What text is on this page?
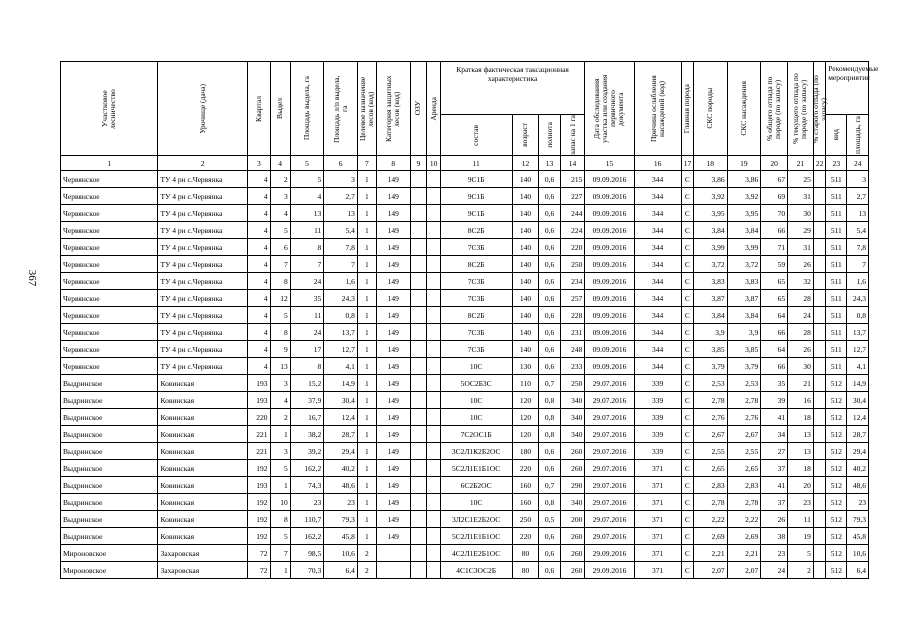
367
Участковое лесничество	Урочище (дача)	Квартал	Выдел	Площадь выдела, га	Площадь л/п выдела, га	Целевое назначение лесов (код)	Категория защитных лесов (код)	ОЗУ	Аренда	Краткая фактическая таксационная характеристика				Дата обследования участка или создания первичного документа	Причина ослабления насаждений (код)	Главная порода	СКС породы	СКС насаждения	% общего отпада по породе (по запасу)	% текущего отпада по породе (по запасу)	% старого отпада (по запасу)	Рекомендуемые мероприятия	

										состав	возраст	полнота	запас на 1 га									вид	площадь, га

1	2	3	4	5	6	7	8	9	10	11	12	13	14	15	16	17	18	19	20	21	22	23	24
Червянское	ТУ 4 рн с.Червянка	4	2	5	3	1	149			9С1Б	140	0,6	215	09.09.2016	344	С	3,86	3,86	67	25		511	3
Червянское	ТУ 4 рн с.Червянка	4	3	4	2,7	1	149			9С1Б	140	0,6	227	09.09.2016	344	С	3,92	3,92	69	31		511	2,7
Червянское	ТУ 4 рн с.Червянка	4	4	13	13	1	149			9С1Б	140	0,6	244	09.09.2016	344	С	3,95	3,95	70	30		511	13
Червянское	ТУ 4 рн с.Червянка	4	5	11	5,4	1	149			8С2Б	140	0,6	224	09.09.2016	344	С	3,84	3,84	66	29		511	5,4
Червянское	ТУ 4 рн с.Червянка	4	6	8	7,8	1	149			7С3Б	140	0,6	220	09.09.2016	344	С	3,99	3,99	71	31		511	7,8
Червянское	ТУ 4 рн с.Червянка	4	7	7	7	1	149			8С2Б	140	0,6	250	09.09.2016	344	С	3,72	3,72	59	26		511	7
Червянское	ТУ 4 рн с.Червянка	4	8	24	1,6	1	149			7С3Б	140	0,6	234	09.09.2016	344	С	3,83	3,83	65	32		511	1,6
Червянское	ТУ 4 рн с.Червянка	4	12	35	24,3	1	149			7С3Б	140	0,6	257	09.09.2016	344	С	3,87	3,87	65	28		511	24,3
Червянское	ТУ 4 рн с.Червянка	4	5	11	0,8	1	149			8С2Б	140	0,6	228	09.09.2016	344	С	3,84	3,84	64	24		511	0,8
Червянское	ТУ 4 рн с.Червянка	4	8	24	13,7	1	149			7С3Б	140	0,6	231	09.09.2016	344	С	3,9	3,9	66	28		511	13,7
Червянское	ТУ 4 рн с.Червянка	4	9	17	12,7	1	149			7С3Б	140	0,6	248	09.09.2016	344	С	3,85	3,85	64	26		511	12,7
Червянское	ТУ 4 рн с.Червянка	4	13	8	4,1	1	149			10С	130	0,6	233	09.09.2016	344	С	3,79	3,79	66	30		511	4,1
Выдринское	Ковинская	193	3	15,2	14,9	1	149			5ОС2Б3С	110	0,7	250	29.07.2016	339	С	2,53	2,53	35	21		512	14,9
Выдринское	Ковинская	193	4	37,9	30,4	1	149			10С	120	0,8	340	29.07.2016	339	С	2,78	2,78	39	16		512	30,4
Выдринское	Ковинская	220	2	16,7	12,4	1	149			10С	120	0,8	340	29.07.2016	339	С	2,76	2,76	41	18		512	12,4
Выдринское	Ковинская	221	1	38,2	28,7	1	149			7С2ОС1Б	120	0,8	340	29.07.2016	339	С	2,67	2,67	34	13		512	28,7
Выдринское	Ковинская	221	3	39,2	29,4	1	149			3С2Л1К2Б2ОС	180	0,6	260	29.07.2016	339	С	2,55	2,55	27	13		512	29,4
Выдринское	Ковинская	192	5	162,2	40,2	1	149			5С2Л1Е1Б1ОС	220	0,6	260	29.07.2016	371	С	2,65	2,65	37	18		512	40,2
Выдринское	Ковинская	193	1	74,3	48,6	1	149			6С2Б2ОС	160	0,7	290	29.07.2016	371	С	2,83	2,83	41	20		512	48,6
Выдринское	Ковинская	192	10	23	23	1	149			10С	160	0,8	340	29.07.2016	371	С	2,78	2,78	37	23		512	23
Выдринское	Ковинская	192	8	110,7	79,3	1	149			3Л2С1Е2Б2ОС	250	0,5	200	29.07.2016	371	С	2,22	2,22	26	11		512	79,3
Выдринское	Ковинская	192	5	162,2	45,8	1	149			5С2Л1Е1Б1ОС	220	0,6	260	29.07.2016	371	С	2,69	2,69	38	19		512	45,8
Мироновское	Захаровская	72	7	98,5	10,6	2				4С2Л1Е2Б1ОС	80	0,6	260	29.09.2016	371	С	2,21	2,21	23	5		512	10,6
Мироновское	Захаровская	72	1	70,3	6,4	2				4С1С3ОС2Б	80	0,6	260	29.09.2016	371	С	2,07	2,07	24	2		512	6,4
